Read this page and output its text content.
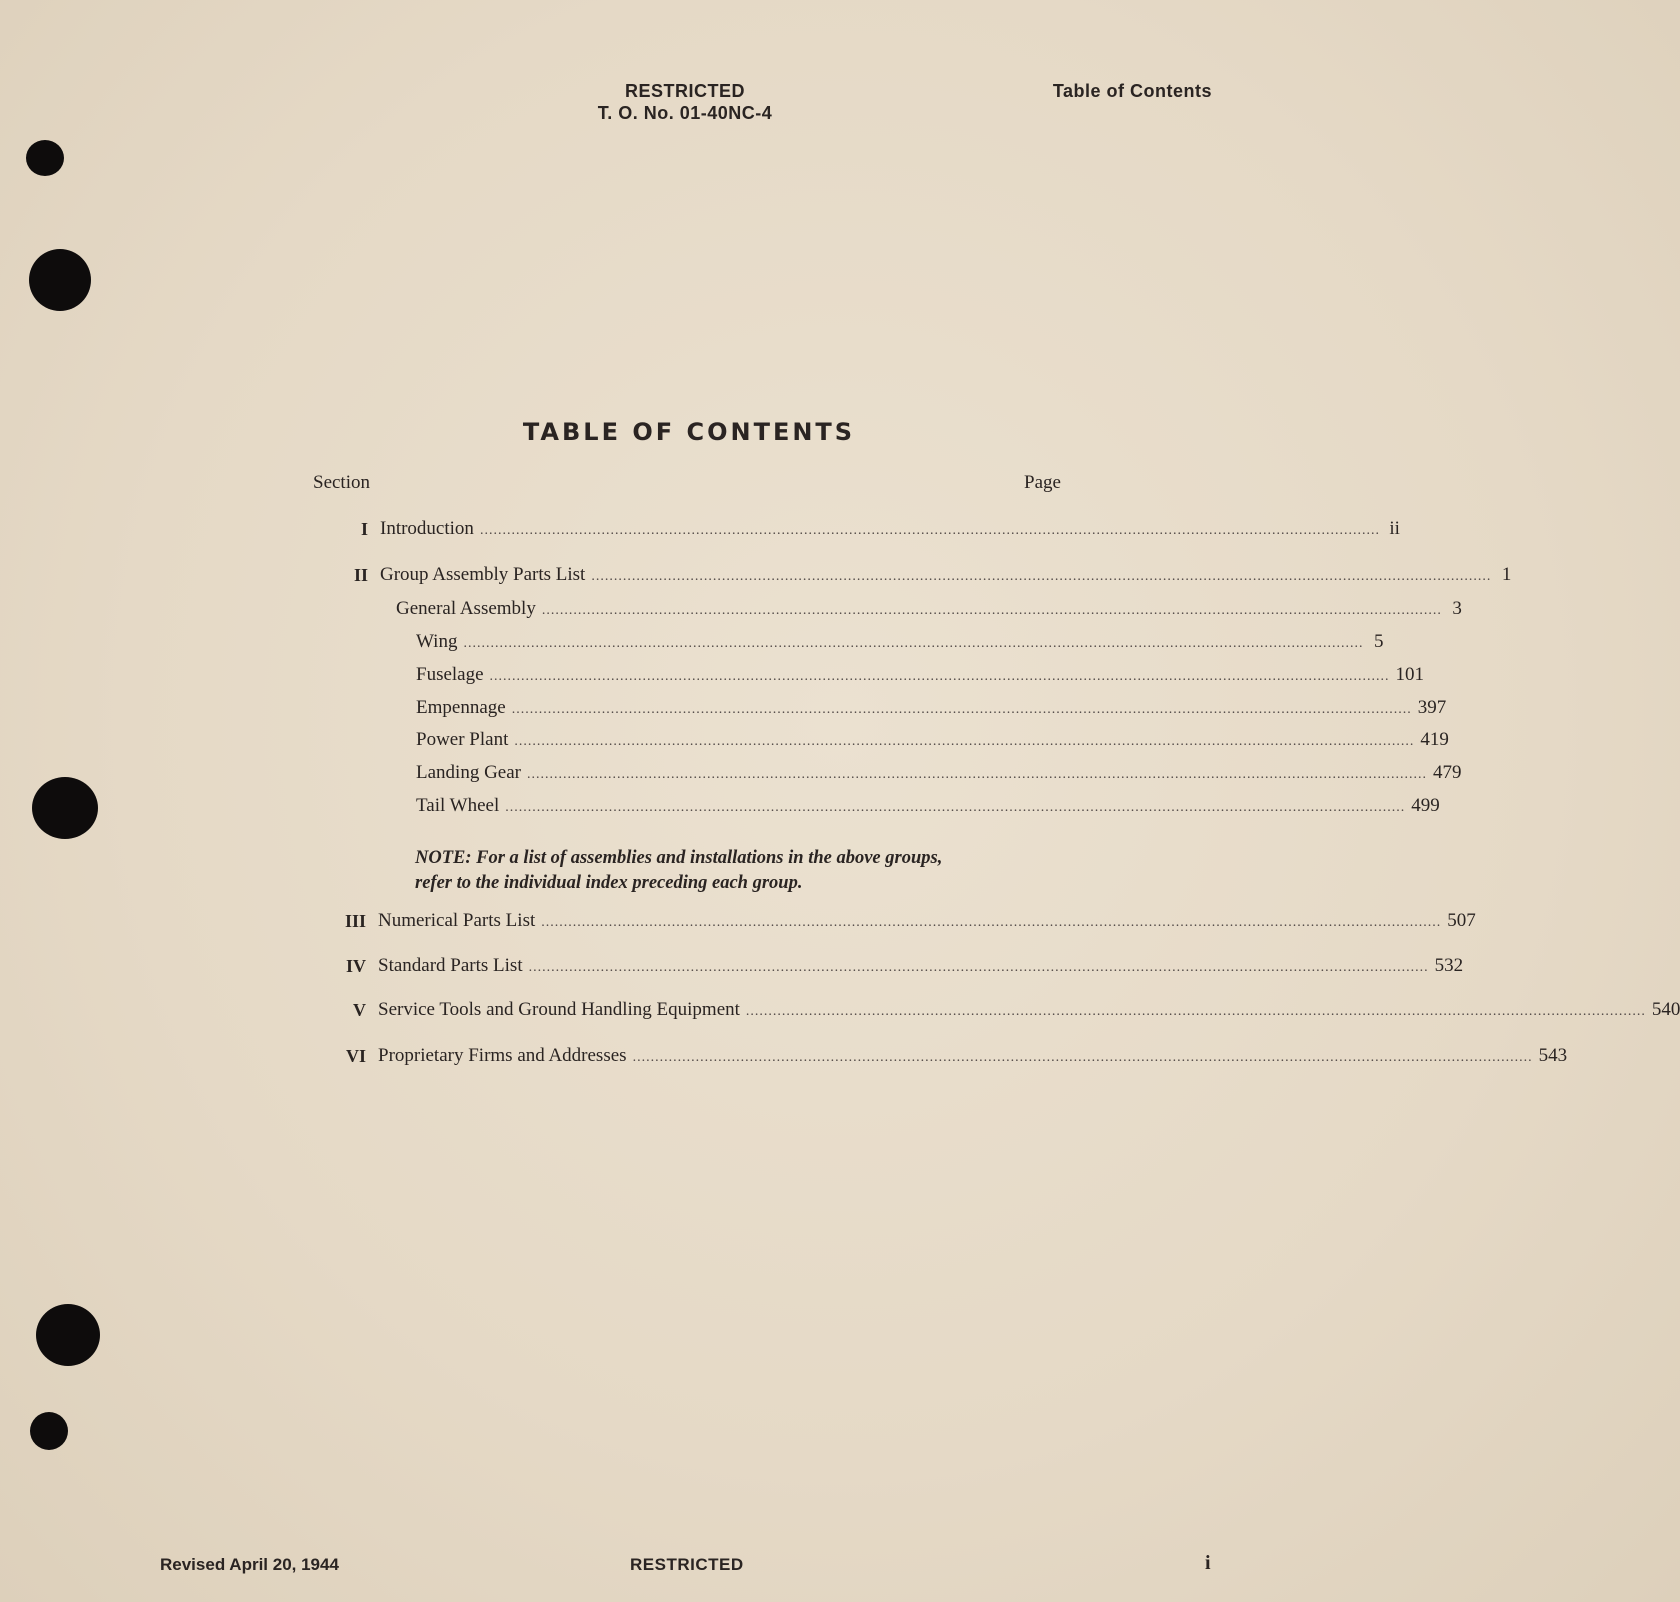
RESTRICTED
T. O. No. 01-40NC-4
Table of Contents
TABLE OF CONTENTS
Section	Page
I Introduction ........................................................................................................................................................................................................ ii
II Group Assembly Parts List ........................................................................................................................................................................................................ 1
General Assembly ........................................................................................................................................................................................................ 3
Wing ........................................................................................................................................................................................................ 5
Fuselage ........................................................................................................................................................................................................ 101
Empennage ........................................................................................................................................................................................................ 397
Power Plant ........................................................................................................................................................................................................ 419
Landing Gear ........................................................................................................................................................................................................ 479
Tail Wheel ........................................................................................................................................................................................................ 499
III Numerical Parts List ........................................................................................................................................................................................................ 507
IV Standard Parts List ........................................................................................................................................................................................................ 532
V Service Tools and Ground Handling Equipment ........................................................................................................................................................................................................ 540
VI Proprietary Firms and Addresses ........................................................................................................................................................................................................ 543
NOTE: For a list of assemblies and installations in the above groups,
refer to the individual index preceding each group.
Revised April 20, 1944	RESTRICTED	i
